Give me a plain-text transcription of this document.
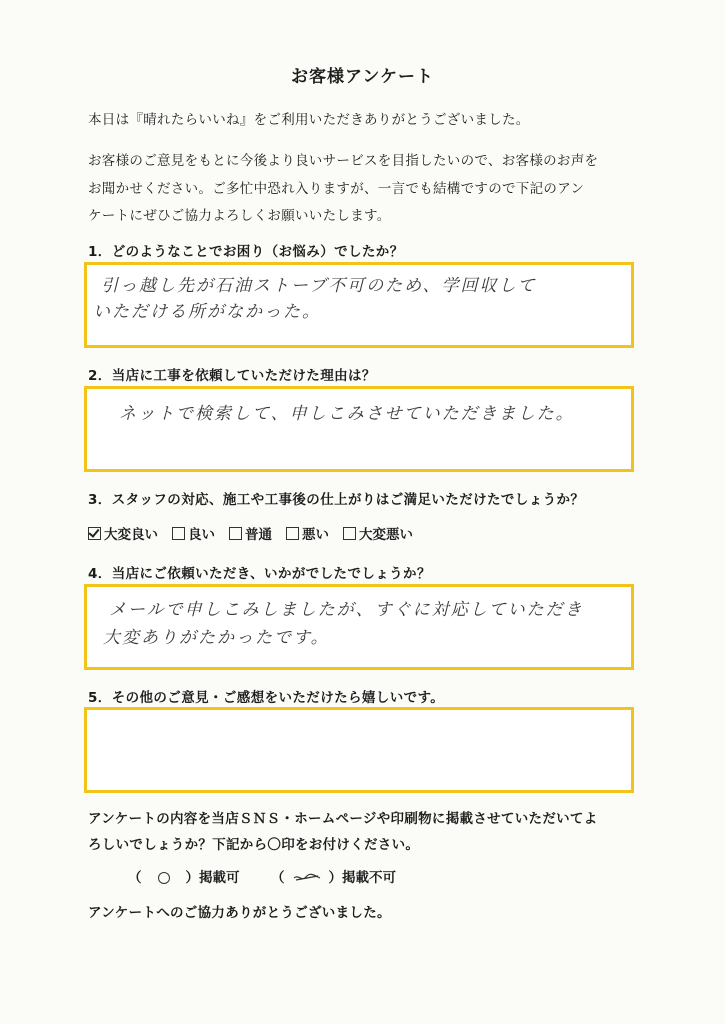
お客様アンケート
本日は『晴れたらいいね』をご利用いただきありがとうございました。
お客様のご意見をもとに今後より良いサービスを目指したいので、お客様のお声を
お聞かせください。ご多忙中恐れ入りますが、一言でも結構ですので下記のアン
ケートにぜひご協力よろしくお願いいたします。
1．どのようなことでお困り（お悩み）でしたか？
引っ越し先が石油ストーブ不可のため、学回収して
いただける所がなかった。
2．当店に工事を依頼していただけた理由は？
ネットで検索して、申しこみさせていただきました。
3．スタッフの対応、施工や工事後の仕上がりはご満足いただけたでしょうか？
大変良い 良い 普通 悪い 大変悪い
4．当店にご依頼いただき、いかがでしたでしょうか？
メールで申しこみしましたが、すぐに対応していただき
大変ありがたかったです。
5．その他のご意見・ご感想をいただけたら嬉しいです。
アンケートの内容を当店ＳＮＳ・ホームページや印刷物に掲載させていただいてよ
ろしいでしょうか？下記から〇印をお付けください。
（○）掲載可 （	）掲載不可
アンケートへのご協力ありがとうございました。
